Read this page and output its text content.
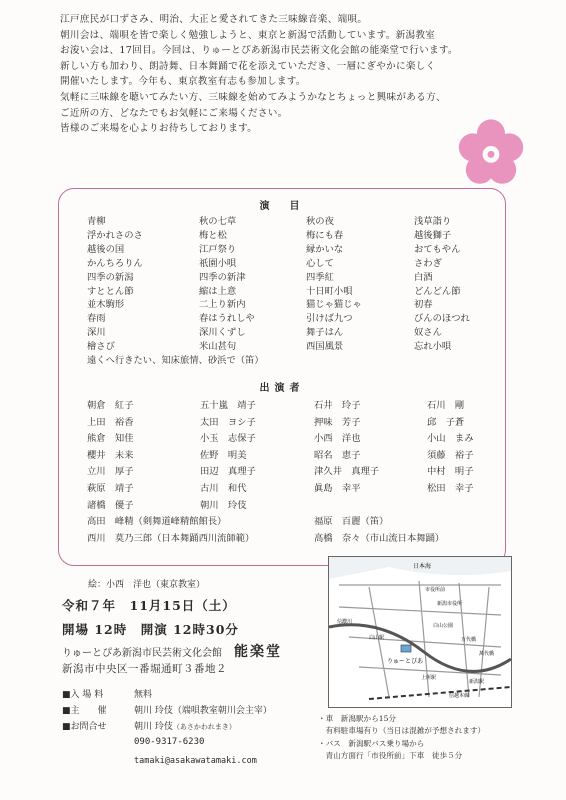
江戸庶民が口ずさみ、明治、大正と愛されてきた三味線音楽、端唄。

朝川会は、端唄を皆で楽しく勉強しようと、東京と新潟で活動しています。新潟教室

お浚い会は、17回目。今回は、りゅーとぴあ新潟市民芸術文化会館の能楽堂で行います。

新しい方も加わり、朗詩舞、日本舞踊で花を添えていただき、一層にぎやかに楽しく

開催いたします。今年も、東京教室有志も参加します。

気軽に三味線を聴いてみたい方、三味線を始めてみようかなとちょっと興味がある方、

ご近所の方、どなたでもお気軽にご来場ください。

皆様のご来場を心よりお待ちしております。

演　目
青柳	秋の七草	秋の夜	浅草詣り
浮かれさのさ	梅と松	梅にも春	越後獅子
越後の国	江戸祭り	縁かいな	おてもやん
かんちろりん	祇園小唄	心して	さわぎ
四季の新潟	四季の新津	四季紅	白酒
すととん節	縮は上意	十日町小唄	どんどん節
並木駒形	二上り新内	猫じゃ猫じゃ	初春
春雨	春はうれしや	引けば九つ	びんのほつれ
深川	深川くずし	舞子はん	奴さん
檜さび	米山甚句	西国風景	忘れ小唄
遠くへ行きたい、知床旅情、砂浜で（笛）
出演者
朝倉　紅子	五十嵐　靖子	石井　玲子	石川　剛
上田　裕香	太田　ヨシ子	押味　芳子	邱　子蒼
熊倉　知佳	小玉　志保子	小西　洋也	小山　まみ
櫻井　未来	佐野　明美	昭名　恵子	須藤　裕子
立川　厚子	田辺　真理子	津久井　真理子	中村　明子
萩原　靖子	古川　和代	眞島　幸平	松田　幸子
諸橋　優子	朝川　玲伎
高田　峰精（剣舞道峰精館館長）	福原　百麗（笛）
西川　莫乃三郎（日本舞踊西川流師範）	高橋　奈々（市山流日本舞踊）
絵：小西　洋也（東京教室）
令和７年　11月15日（土）
開場 12時　開演 12時30分
りゅーとぴあ新潟市民芸術文化会館 能楽堂
新潟市中央区一番堀通町３番地２
■入 場 料	無料
■主　　催	朝川 玲伎（端唄教室朝川会主宰）
■お問合せ	朝川 玲伎 （あさかわれまき）
090-9317-6230
tamaki@asakawatamaki.com
日本海
りゅーとぴあ
信越本線
信濃川
白山駅
白山公園
新潟市役所
万代橋
新潟駅
上所駅
萬代橋
市役所前
・車　新潟駅から15分
　有料駐車場有り（当日は混雑が予想されます）
・バス　新潟駅バス乗り場から
　青山方面行「市役所前」下車　徒歩５分
